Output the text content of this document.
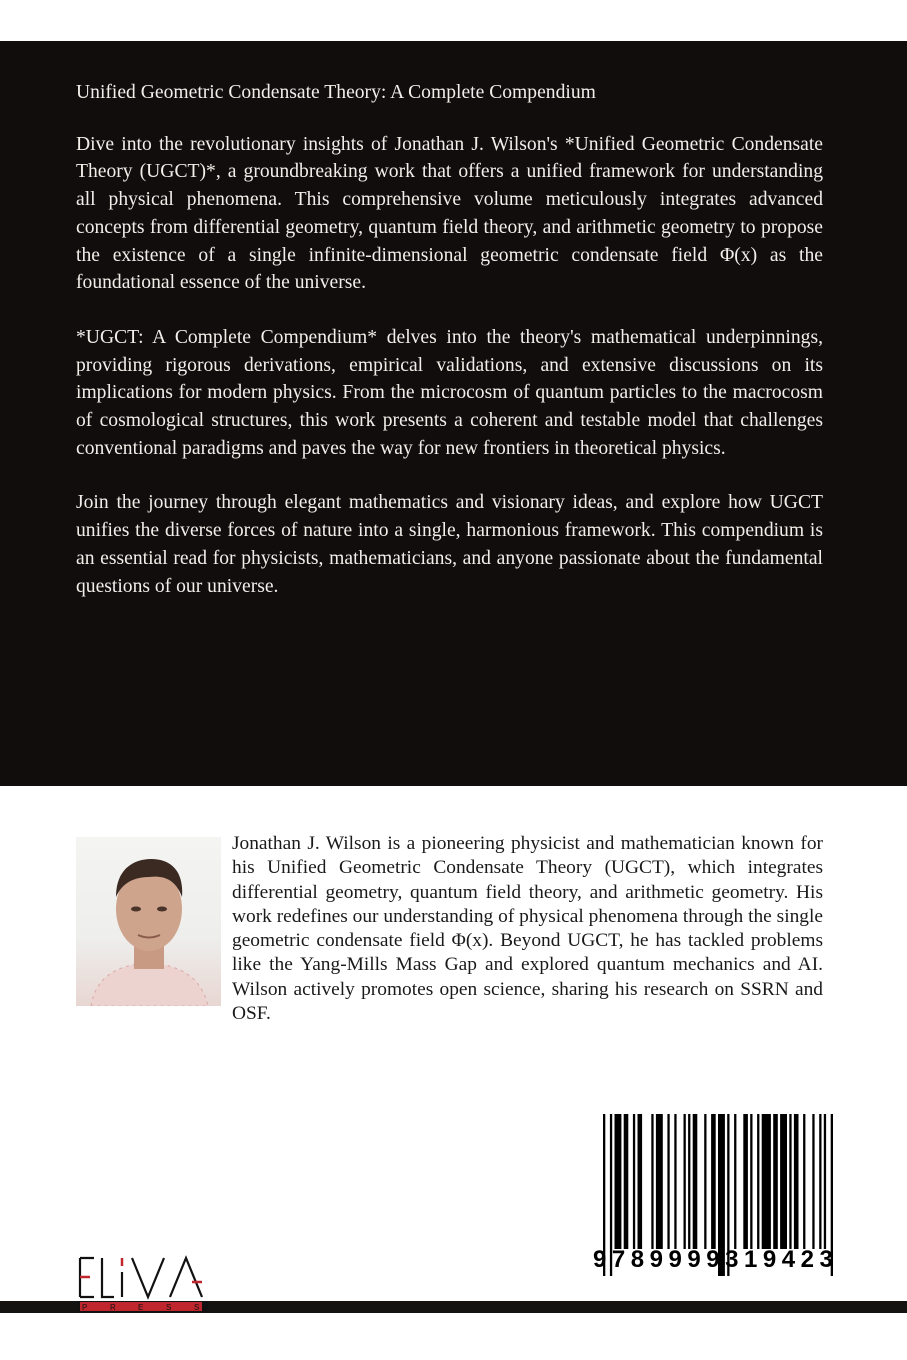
Unified Geometric Condensate Theory: A Complete Compendium

Dive into the revolutionary insights of Jonathan J. Wilson's *Unified Geometric Condensate Theory (UGCT)*, a groundbreaking work that offers a unified framework for understanding all physical phenomena. This comprehensive volume meticulously integrates advanced concepts from differential geometry, quantum field theory, and arithmetic geometry to propose the existence of a single infinite-dimensional geometric condensate field Φ(x) as the foundational essence of the universe.

*UGCT: A Complete Compendium* delves into the theory's mathematical underpinnings, providing rigorous derivations, empirical validations, and extensive discussions on its implications for modern physics. From the microcosm of quantum particles to the macrocosm of cosmological structures, this work presents a coherent and testable model that challenges conventional paradigms and paves the way for new frontiers in theoretical physics.

Join the journey through elegant mathematics and visionary ideas, and explore how UGCT unifies the diverse forces of nature into a single, harmonious framework. This compendium is an essential read for physicists, mathematicians, and anyone passionate about the fundamental questions of our universe.

Jonathan J. Wilson is a pioneering physicist and mathematician known for his Unified Geometric Condensate Theory (UGCT), which integrates differential geometry, quantum field theory, and arithmetic geometry. His work redefines our understanding of physical phenomena through the single geometric condensate field Φ(x). Beyond UGCT, he has tackled problems like the Yang-Mills Mass Gap and explored quantum mechanics and AI. Wilson actively promotes open science, sharing his research on SSRN and OSF.

9 7 8 9 9 9 9 3 1 9 4 2 3
P	R	E	S	S
